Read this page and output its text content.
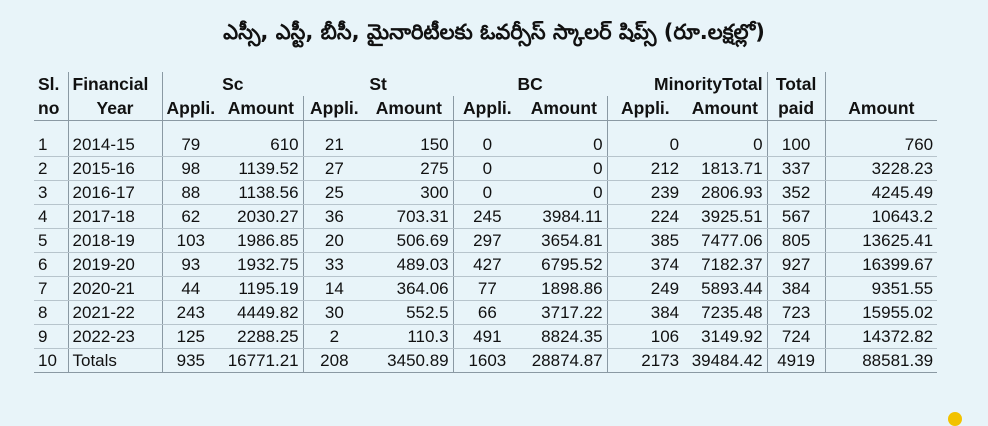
ఎస్సీ, ఎస్టీ, బీసీ, మైనారిటీలకు ఓవర్సీస్ స్కాలర్ షిప్స్ (రూ.లక్షల్లో)
Sl.	Financial	Sc		St		BC		MinorityTotal		Total	
no	Year	Appli.	Amount	Appli.	Amount	Appli.	Amount	Appli.	Amount	paid	Amount

1	2014-15	79	610	21	150	0	0	0	0	100	760
2	2015-16	98	1139.52	27	275	0	0	212	1813.71	337	3228.23
3	2016-17	88	1138.56	25	300	0	0	239	2806.93	352	4245.49
4	2017-18	62	2030.27	36	703.31	245	3984.11	224	3925.51	567	10643.2
5	2018-19	103	1986.85	20	506.69	297	3654.81	385	7477.06	805	13625.41
6	2019-20	93	1932.75	33	489.03	427	6795.52	374	7182.37	927	16399.67
7	2020-21	44	1195.19	14	364.06	77	1898.86	249	5893.44	384	9351.55
8	2021-22	243	4449.82	30	552.5	66	3717.22	384	7235.48	723	15955.02
9	2022-23	125	2288.25	2	110.3	491	8824.35	106	3149.92	724	14372.82
10	Totals	935	16771.21	208	3450.89	1603	28874.87	2173	39484.42	4919	88581.39
